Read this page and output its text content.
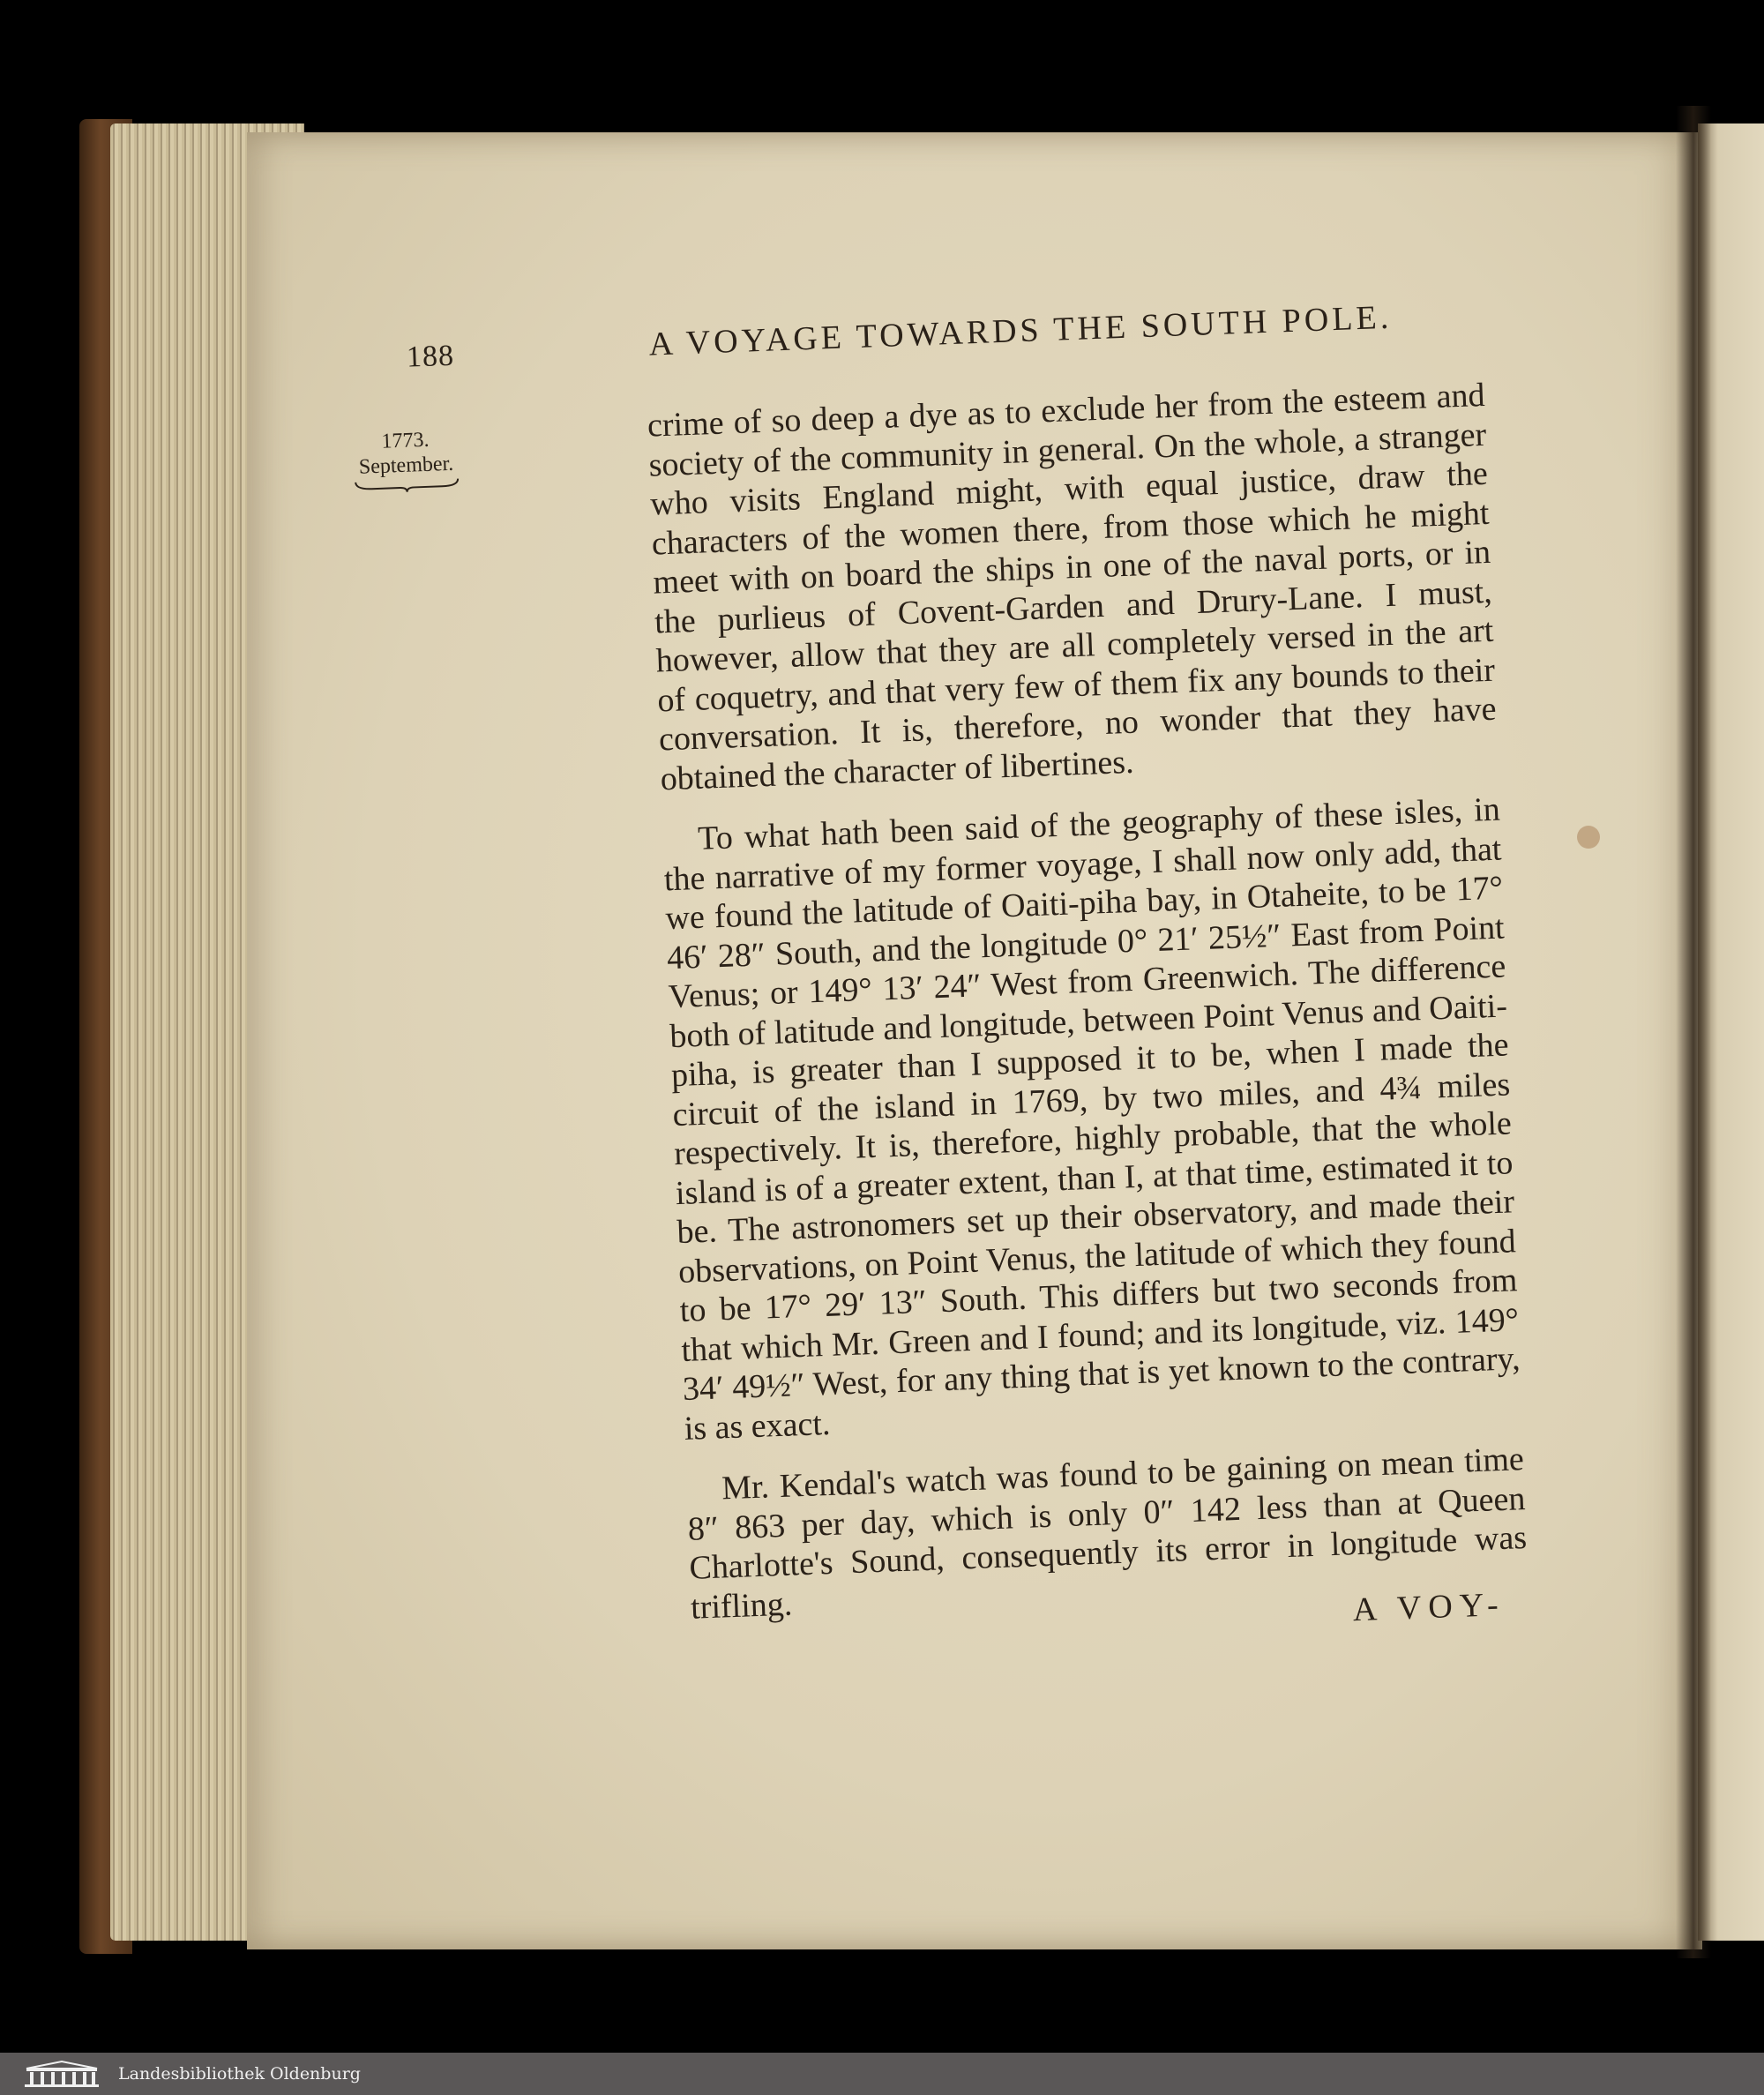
188	A VOYAGE TOWARDS THE SOUTH POLE.
1773.
September.

crime of so deep a dye as to exclude her from the esteem and society of the community in general. On the whole, a stranger who visits England might, with equal justice, draw the characters of the women there, from those which he might meet with on board the ships in one of the naval ports, or in the purlieus of Covent-Garden and Drury-Lane. I must, however, allow that they are all completely versed in the art of coquetry, and that very few of them fix any bounds to their conversation. It is, therefore, no wonder that they have obtained the character of libertines.

To what hath been said of the geography of these isles, in the narrative of my former voyage, I shall now only add, that we found the latitude of Oaiti-piha bay, in Otaheite, to be 17° 46′ 28″ South, and the longitude 0° 21′ 25½″ East from Point Venus; or 149° 13′ 24″ West from Greenwich. The difference both of latitude and longitude, between Point Venus and Oaiti-piha, is greater than I supposed it to be, when I made the circuit of the island in 1769, by two miles, and 4¾ miles respectively. It is, therefore, highly probable, that the whole island is of a greater extent, than I, at that time, estimated it to be. The astronomers set up their observatory, and made their observations, on Point Venus, the latitude of which they found to be 17° 29′ 13″ South. This differs but two seconds from that which Mr. Green and I found; and its longitude, viz. 149° 34′ 49½″ West, for any thing that is yet known to the contrary, is as exact.

Mr. Kendal's watch was found to be gaining on mean time 8″ 863 per day, which is only 0″ 142 less than at Queen Charlotte's Sound, consequently its error in longitude was trifling.	A VOY-
Landesbibliothek Oldenburg
